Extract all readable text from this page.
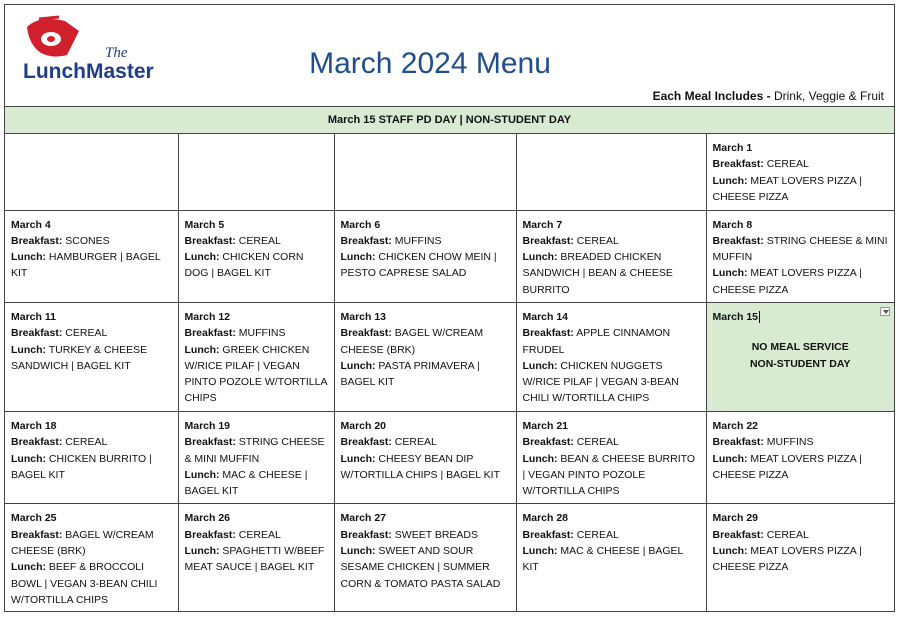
The
LunchMaster	March 2024 Menu
Each Meal Includes - Drink, Veggie & Fruit
March 15 STAFF PD DAY | NON-STUDENT DAY

				March 1
Breakfast: CEREAL
Lunch: MEAT LOVERS PIZZA | CHEESE PIZZA

March 4
Breakfast: SCONES
Lunch: HAMBURGER | BAGEL KIT	March 5
Breakfast: CEREAL
Lunch: CHICKEN CORN DOG | BAGEL KIT	March 6
Breakfast: MUFFINS
Lunch: CHICKEN CHOW MEIN | PESTO CAPRESE SALAD	March 7
Breakfast: CEREAL
Lunch: BREADED CHICKEN SANDWICH | BEAN & CHEESE BURRITO	March 8
Breakfast: STRING CHEESE & MINI MUFFIN
Lunch: MEAT LOVERS PIZZA | CHEESE PIZZA

March 11
Breakfast: CEREAL
Lunch: TURKEY & CHEESE SANDWICH | BAGEL KIT	March 12
Breakfast: MUFFINS
Lunch: GREEK CHICKEN W/RICE PILAF | VEGAN PINTO POZOLE W/TORTILLA CHIPS	March 13
Breakfast: BAGEL W/CREAM CHEESE (BRK)
Lunch: PASTA PRIMAVERA | BAGEL KIT	March 14
Breakfast: APPLE CINNAMON FRUDEL
Lunch: CHICKEN NUGGETS W/RICE PILAF | VEGAN 3-BEAN CHILI W/TORTILLA CHIPS	March 15
NO MEAL SERVICE
NON-STUDENT DAY

March 18
Breakfast: CEREAL
Lunch: CHICKEN BURRITO | BAGEL KIT	March 19
Breakfast: STRING CHEESE & MINI MUFFIN
Lunch: MAC & CHEESE | BAGEL KIT	March 20
Breakfast: CEREAL
Lunch: CHEESY BEAN DIP W/TORTILLA CHIPS | BAGEL KIT	March 21
Breakfast: CEREAL
Lunch: BEAN & CHEESE BURRITO | VEGAN PINTO POZOLE W/TORTILLA CHIPS	March 22
Breakfast: MUFFINS
Lunch: MEAT LOVERS PIZZA | CHEESE PIZZA

March 25
Breakfast: BAGEL W/CREAM CHEESE (BRK)
Lunch: BEEF & BROCCOLI BOWL | VEGAN 3-BEAN CHILI W/TORTILLA CHIPS	March 26
Breakfast: CEREAL
Lunch: SPAGHETTI W/BEEF MEAT SAUCE | BAGEL KIT	March 27
Breakfast: SWEET BREADS
Lunch: SWEET AND SOUR SESAME CHICKEN | SUMMER CORN & TOMATO PASTA SALAD	March 28
Breakfast: CEREAL
Lunch: MAC & CHEESE | BAGEL KIT	March 29
Breakfast: CEREAL
Lunch: MEAT LOVERS PIZZA | CHEESE PIZZA
